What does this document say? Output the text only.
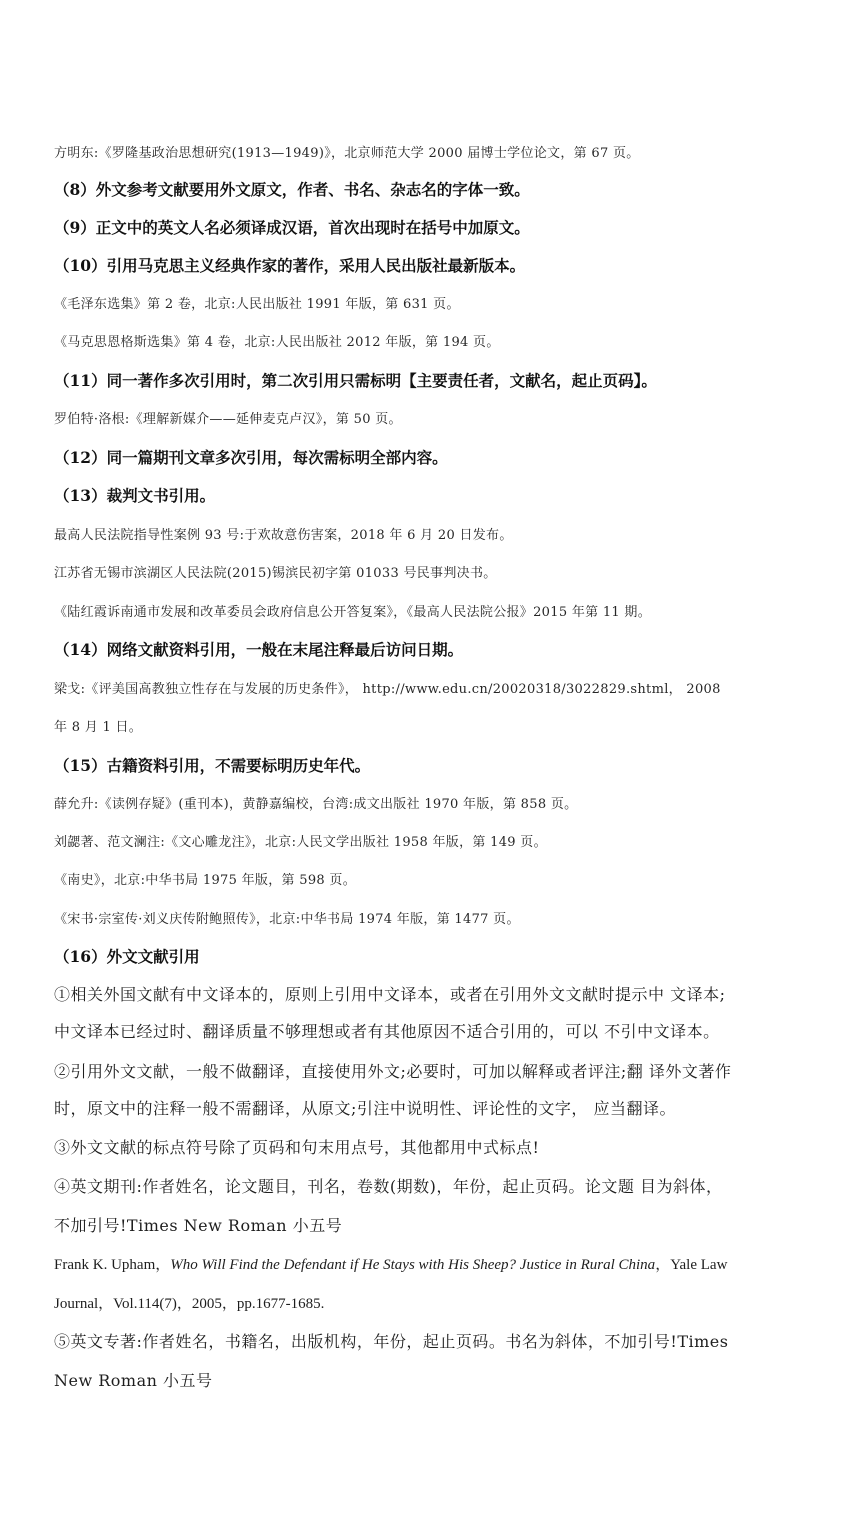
方明东:《罗隆基政治思想研究(1913—1949)》，北京师范大学 2000 届博士学位论文，第 67 页。
（8）外文参考文献要用外文原文，作者、书名、杂志名的字体一致。
（9）正文中的英文人名必须译成汉语，首次出现时在括号中加原文。
（10）引用马克思主义经典作家的著作，采用人民出版社最新版本。
《毛泽东选集》第 2 卷，北京:人民出版社 1991 年版，第 631 页。
《马克思恩格斯选集》第 4 卷，北京:人民出版社 2012 年版，第 194 页。
（11）同一著作多次引用时，第二次引用只需标明【主要责任者，文献名，起止页码】。
罗伯特·洛根:《理解新媒介——延伸麦克卢汉》，第 50 页。
（12）同一篇期刊文章多次引用，每次需标明全部内容。
（13）裁判文书引用。
最高人民法院指导性案例 93 号:于欢故意伤害案，2018 年 6 月 20 日发布。
江苏省无锡市滨湖区人民法院(2015)锡滨民初字第 01033 号民事判决书。
《陆红霞诉南通市发展和改革委员会政府信息公开答复案》，《最高人民法院公报》2015 年第 11 期。
（14）网络文献资料引用，一般在末尾注释最后访问日期。
梁戈:《评美国高教独立性存在与发展的历史条件》， http://www.edu.cn/20020318/3022829.shtml， 2008
年 8 月 1 日。
（15）古籍资料引用，不需要标明历史年代。
薛允升:《读例存疑》(重刊本)，黄静嘉编校，台湾:成文出版社 1970 年版，第 858 页。
刘勰著、范文澜注:《文心雕龙注》，北京:人民文学出版社 1958 年版，第 149 页。
《南史》，北京:中华书局 1975 年版，第 598 页。
《宋书·宗室传·刘义庆传附鲍照传》，北京:中华书局 1974 年版，第 1477 页。
（16）外文文献引用
①相关外国文献有中文译本的，原则上引用中文译本，或者在引用外文文献时提示中 文译本;
中文译本已经过时、翻译质量不够理想或者有其他原因不适合引用的，可以 不引中文译本。
②引用外文文献，一般不做翻译，直接使用外文;必要时，可加以解释或者评注;翻 译外文著作
时，原文中的注释一般不需翻译，从原文;引注中说明性、评论性的文字， 应当翻译。
③外文文献的标点符号除了页码和句末用点号，其他都用中式标点!
④英文期刊:作者姓名，论文题目，刊名，卷数(期数)，年份，起止页码。论文题 目为斜体，
不加引号!Times New Roman 小五号
Frank K. Upham，Who Will Find the Defendant if He Stays with His Sheep? Justice in Rural China，Yale Law
Journal，Vol.114(7)，2005，pp.1677-1685.
⑤英文专著:作者姓名，书籍名，出版机构，年份，起止页码。书名为斜体，不加引号!Times
New Roman 小五号
